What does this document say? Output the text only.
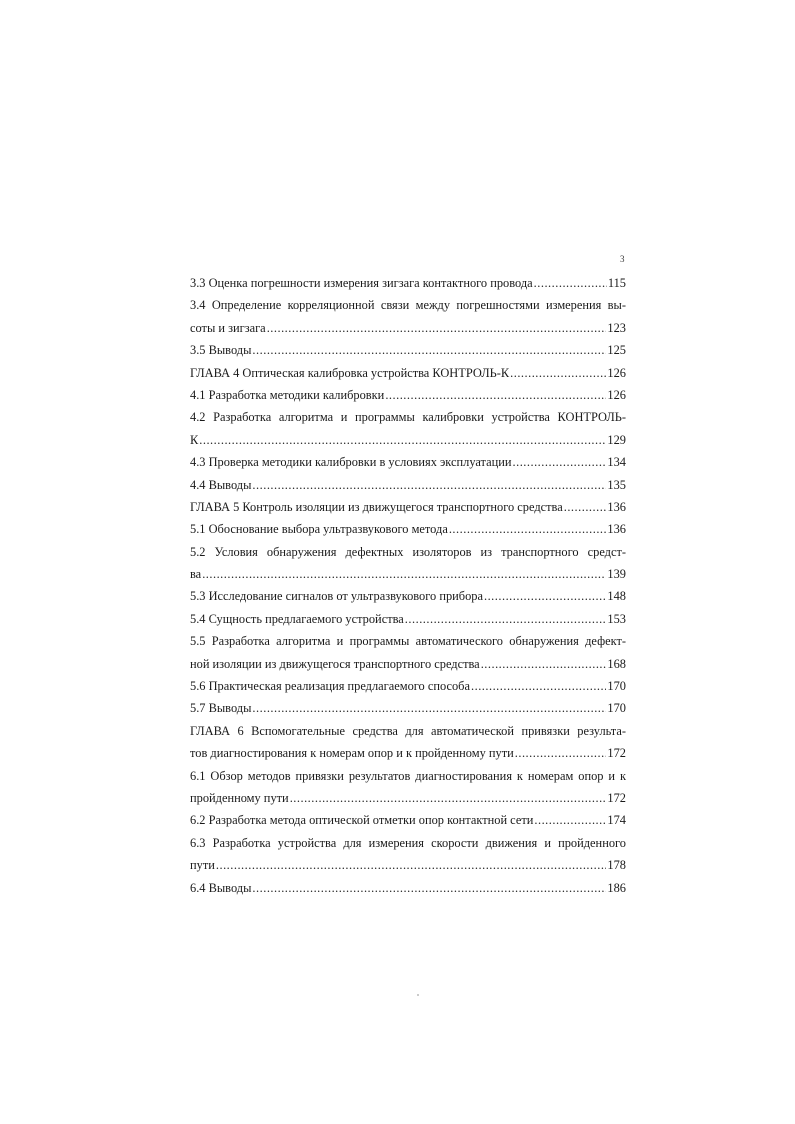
3
3.3 Оценка погрешности измерения зигзага контактного провода .....	115
3.4 Определение корреляционной связи между погрешностями измерения вы-
соты и зигзага .....	123
3.5 Выводы .....	125
ГЛАВА 4 Оптическая калибровка устройства КОНТРОЛЬ-К .....	126
4.1 Разработка методики калибровки .....	126
4.2 Разработка алгоритма и программы калибровки устройства КОНТРОЛЬ-
К .....	129
4.3 Проверка методики калибровки в условиях эксплуатации .....	134
4.4 Выводы .....	135
ГЛАВА 5 Контроль изоляции из движущегося транспортного средства .....	136
5.1 Обоснование выбора ультразвукового метода .....	136
5.2 Условия обнаружения дефектных изоляторов из транспортного средст-
ва .....	139
5.3 Исследование сигналов от ультразвукового прибора .....	148
5.4 Сущность предлагаемого устройства .....	153
5.5 Разработка алгоритма и программы автоматического обнаружения дефект-
ной изоляции из движущегося транспортного средства .....	168
5.6 Практическая реализация предлагаемого способа .....	170
5.7 Выводы .....	170
ГЛАВА 6 Вспомогательные средства для автоматической привязки результа-
тов диагностирования к номерам опор и к пройденному пути .....	172
6.1 Обзор методов привязки результатов диагностирования к номерам опор и к
пройденному пути .....	172
6.2 Разработка метода оптической отметки опор контактной сети .....	174
6.3 Разработка устройства для измерения скорости движения и пройденного
пути .....	178
6.4 Выводы .....	186
